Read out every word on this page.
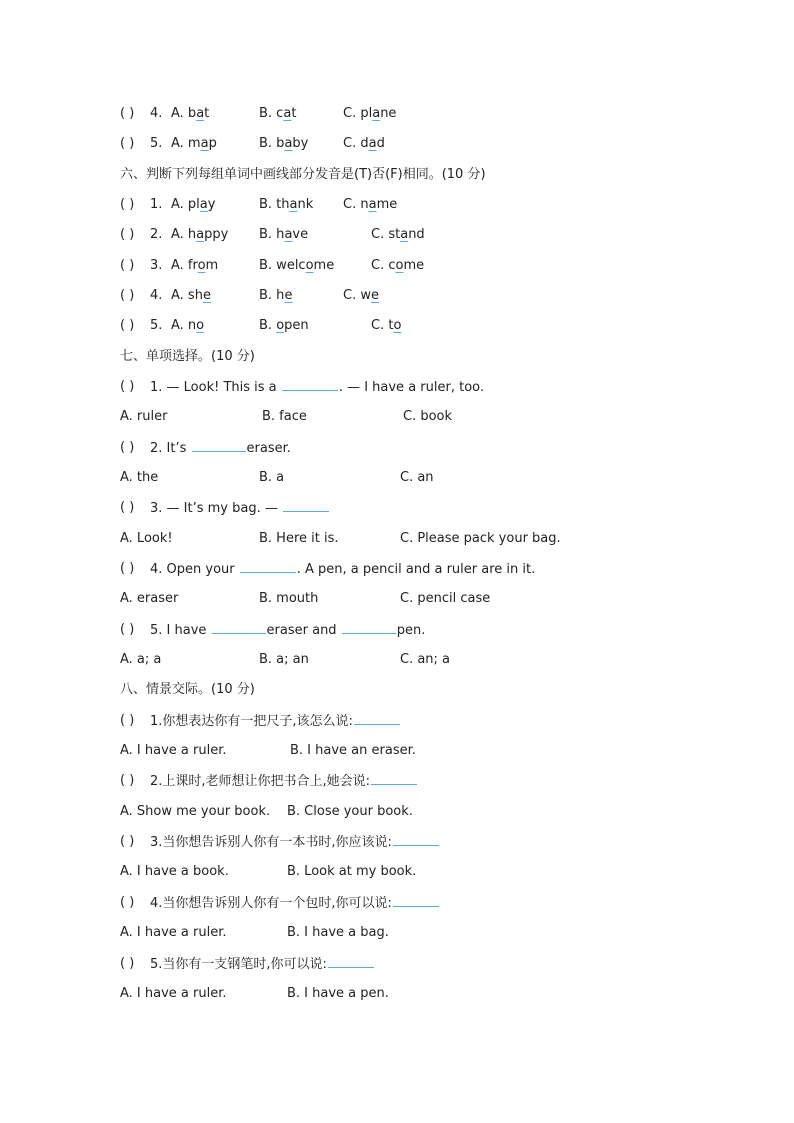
( ) 4. A. bat	B. cat	C. plane
( ) 5. A. map	B. baby	C. dad
六、判断下列每组单词中画线部分发音是(T)否(F)相同。(10 分)
( ) 1. A. play	B. thank C. name
( ) 2. A. happy B. have	C. stand
( ) 3. A. from	B. welcome	C. come
( ) 4. A. she	B. he	C. we
( ) 5. A. no	B. open	C. to
七、单项选择。(10 分)
( ) 1. — Look! This is a	. — I have a ruler, too.
A. ruler	B. face	C. book
( ) 2. It’s	eraser.
A. the	B. a	C. an
( ) 3. — It’s my bag. —
A. Look!	B. Here it is.	C. Please pack your bag.
( ) 4. Open your	. A pen, a pencil and a ruler are in it.
A. eraser	B. mouth	C. pencil case
( ) 5. I have	eraser and	pen.
A. a; a	B. a; an	C. an; a
八、情景交际。(10 分)
( ) 1.你想表达你有一把尺子,该怎么说:
A. I have a ruler.	B. I have an eraser.
( ) 2.上课时,老师想让你把书合上,她会说:
A. Show me your book. B. Close your book.
( ) 3.当你想告诉别人你有一本书时,你应该说:
A. I have a book.	B. Look at my book.
( ) 4.当你想告诉别人你有一个包时,你可以说:
A. I have a ruler.	B. I have a bag.
( ) 5.当你有一支钢笔时,你可以说:
A. I have a ruler.	B. I have a pen.
